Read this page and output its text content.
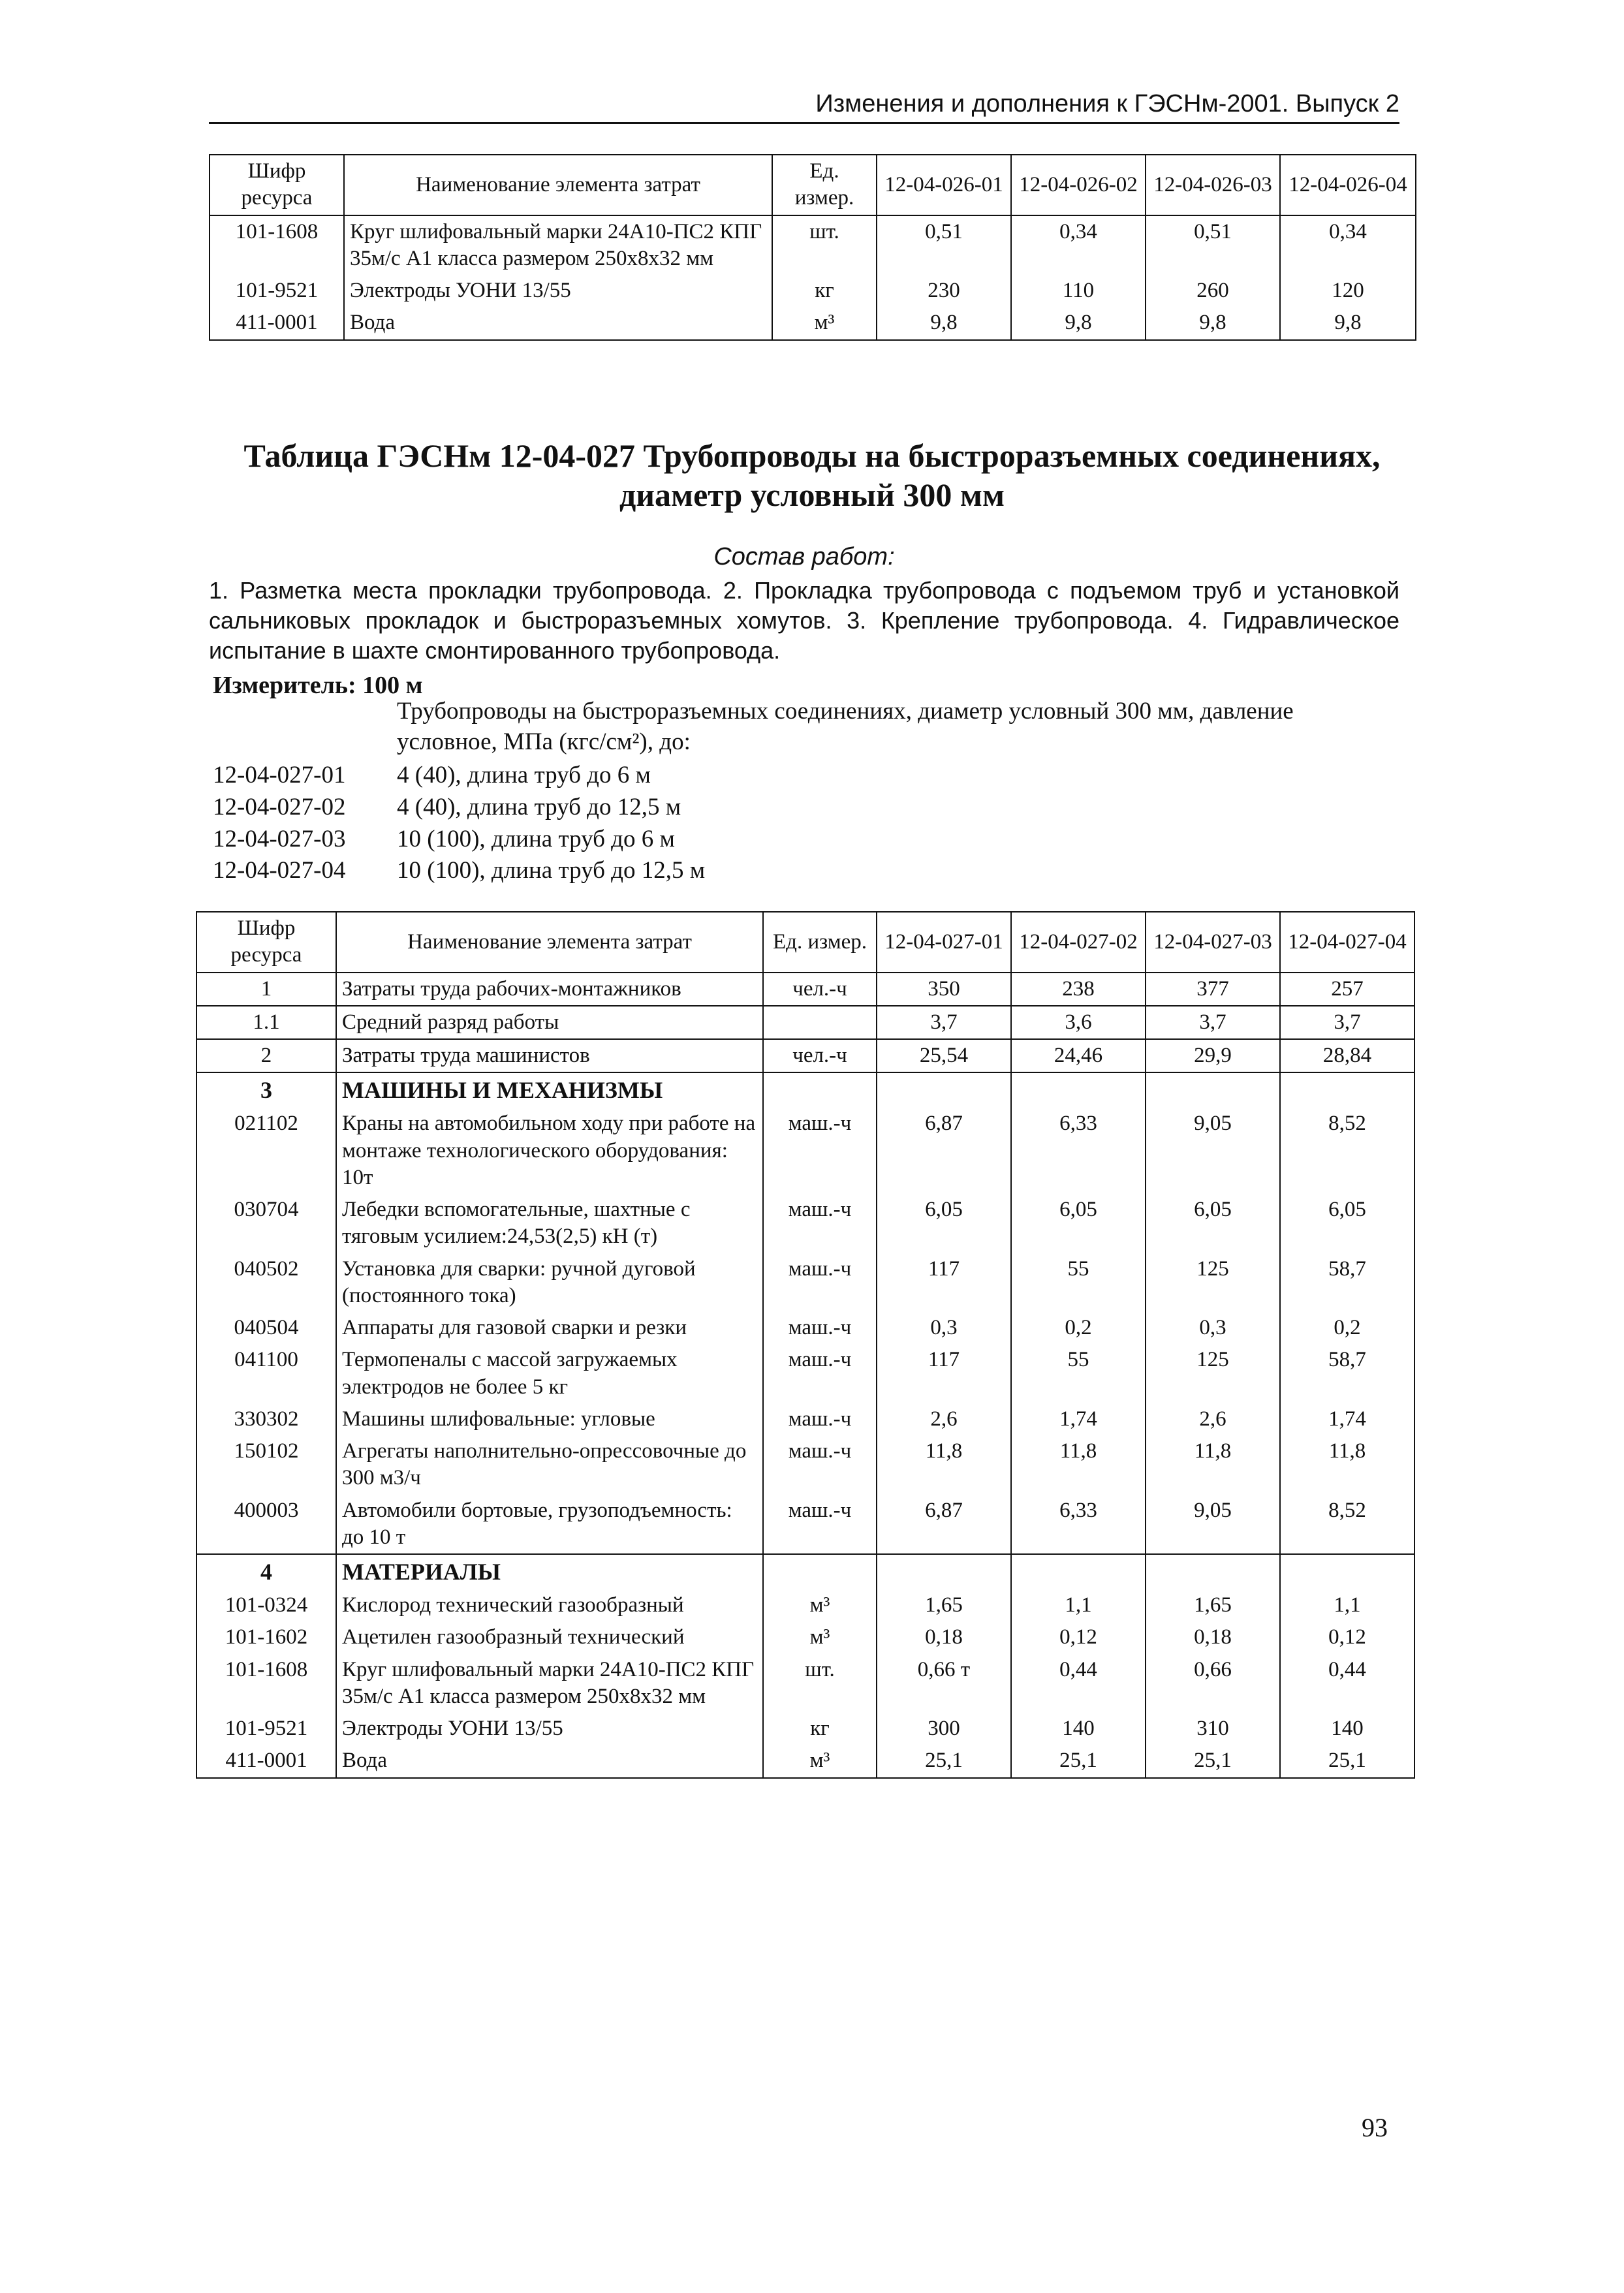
Изменения и дополнения к ГЭСНм-2001. Выпуск 2
Шифр ресурса	Наименование элемента затрат	Ед. измер.	12-04-026-01	12-04-026-02	12-04-026-03	12-04-026-04
101-1608	Круг шлифовальный марки 24А10-ПС2 КПГ 35м/с А1 класса размером 250х8х32 мм	шт.	0,51	0,34	0,51	0,34
101-9521	Электроды УОНИ 13/55	кг	230	110	260	120
411-0001	Вода	м³	9,8	9,8	9,8	9,8
Таблица ГЭСНм 12-04-027 Трубопроводы на быстроразъемных соединениях, диаметр условный 300 мм
Состав работ:
1. Разметка места прокладки трубопровода. 2. Прокладка трубопровода с подъемом труб и установкой сальниковых прокладок и быстроразъемных хомутов. 3. Крепление трубопровода. 4. Гидравлическое испытание в шахте смонтированного трубопровода.
Измеритель: 100 м
Трубопроводы на быстроразъемных соединениях, диаметр условный 300 мм, давление условное, МПа (кгс/см²), до:
12-04-027-01	4 (40), длина труб до 6 м
12-04-027-02	4 (40), длина труб до 12,5 м
12-04-027-03	10 (100), длина труб до 6 м
12-04-027-04	10 (100), длина труб до 12,5 м
Шифр ресурса	Наименование элемента затрат	Ед. измер.	12-04-027-01	12-04-027-02	12-04-027-03	12-04-027-04
1	Затраты труда рабочих-монтажников	чел.-ч	350	238	377	257
1.1	Средний разряд работы		3,7	3,6	3,7	3,7
2	Затраты труда машинистов	чел.-ч	25,54	24,46	29,9	28,84
3	МАШИНЫ И МЕХАНИЗМЫ					
021102	Краны на автомобильном ходу при работе на монтаже технологического оборудования: 10т	маш.-ч	6,87	6,33	9,05	8,52
030704	Лебедки вспомогательные, шахтные с тяговым усилием:24,53(2,5) кН (т)	маш.-ч	6,05	6,05	6,05	6,05
040502	Установка для сварки: ручной дуговой (постоянного тока)	маш.-ч	117	55	125	58,7
040504	Аппараты для газовой сварки и резки	маш.-ч	0,3	0,2	0,3	0,2
041100	Термопеналы с массой загружаемых электродов не более 5 кг	маш.-ч	117	55	125	58,7
330302	Машины шлифовальные: угловые	маш.-ч	2,6	1,74	2,6	1,74
150102	Агрегаты наполнительно-опрессовочные до 300 м3/ч	маш.-ч	11,8	11,8	11,8	11,8
400003	Автомобили бортовые, грузоподъемность: до 10 т	маш.-ч	6,87	6,33	9,05	8,52
4	МАТЕРИАЛЫ					
101-0324	Кислород технический газообразный	м³	1,65	1,1	1,65	1,1
101-1602	Ацетилен газообразный технический	м³	0,18	0,12	0,18	0,12
101-1608	Круг шлифовальный марки 24А10-ПС2 КПГ 35м/с А1 класса размером 250х8х32 мм	шт.	0,66 т	0,44	0,66	0,44
101-9521	Электроды УОНИ 13/55	кг	300	140	310	140
411-0001	Вода	м³	25,1	25,1	25,1	25,1
93
